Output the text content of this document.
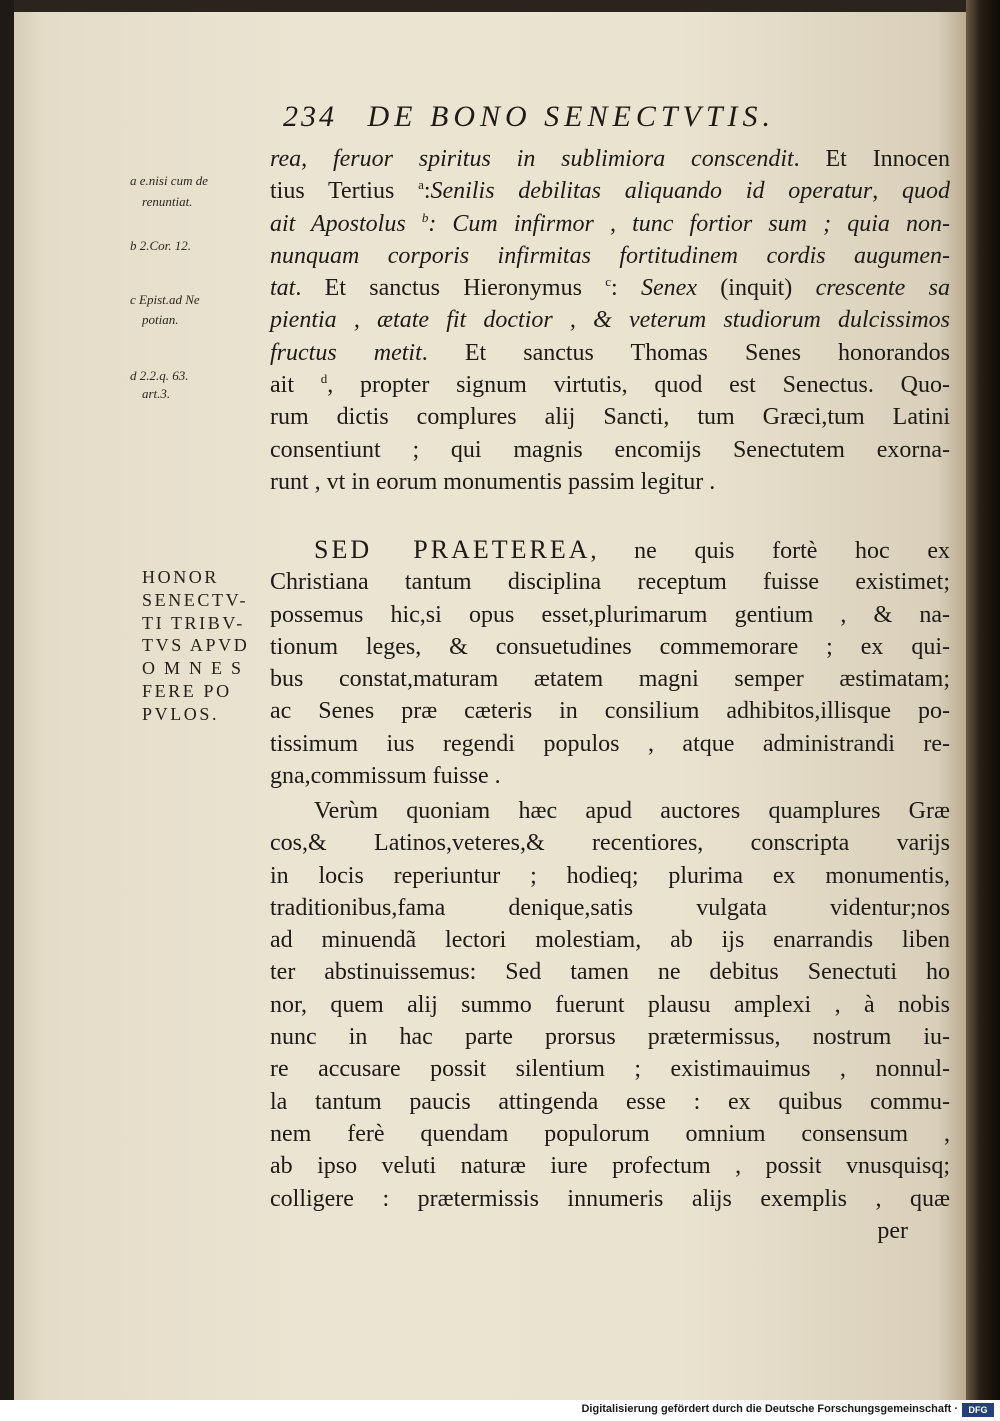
234 DE BONO SENECTVTIS.
a e.nisi cum de
renuntiat.
b 2.Cor. 12.
c Epist.ad Ne
potian.
d 2.2.q. 63.
art.3.
rea, feruor spiritus in sublimiora conscendit. Et Innocen
tius Tertius $^a$:Senilis debilitas aliquando id operatur, quod
ait Apostolus $^b$: Cum infirmor , tunc fortior sum ; quia non-
nunquam corporis infirmitas fortitudinem cordis augumen-
tat. Et sanctus Hieronymus $^c$: Senex (inquit) crescente sa
pientia , ætate fit doctior , & veterum studiorum dulcissimos
fructus metit. Et sanctus Thomas Senes honorandos
ait $^d$, propter signum virtutis, quod est Senectus. Quo-
rum dictis complures alij Sancti, tum Græci,tum Latini
consentiunt ; qui magnis encomijs Senectutem exorna-
runt , vt in eorum monumentis passim legitur .
HONOR
SENECTV-
TI TRIBV-
TVS APVD
OMNES
FERE PO
PVLOS.
SED PRAETEREA, ne quis fortè hoc ex
Christiana tantum disciplina receptum fuisse existimet;
possemus hic,si opus esset,plurimarum gentium , & na-
tionum leges, & consuetudines commemorare ; ex qui-
bus constat,maturam ætatem magni semper æstimatam;
ac Senes præ cæteris in consilium adhibitos,illisque po-
tissimum ius regendi populos , atque administrandi re-
gna,commissum fuisse .
Verùm quoniam hæc apud auctores quamplures Græ
cos,& Latinos,veteres,& recentiores, conscripta varijs
in locis reperiuntur ; hodieq; plurima ex monumentis,
traditionibus,fama denique,satis vulgata videntur;nos
ad minuendã lectori molestiam, ab ijs enarrandis liben
ter abstinuissemus: Sed tamen ne debitus Senectuti ho
nor, quem alij summo fuerunt plausu amplexi , à nobis
nunc in hac parte prorsus prætermissus, nostrum iu-
re accusare possit silentium ; existimauimus , nonnul-
la tantum paucis attingenda esse : ex quibus commu-
nem ferè quendam populorum omnium consensum ,
ab ipso veluti naturæ iure profectum , possit vnusquisq;
colligere : prætermissis innumeris alijs exemplis , quæ
per
Digitalisierung gefördert durch die Deutsche Forschungsgemeinschaft ·	DFG
